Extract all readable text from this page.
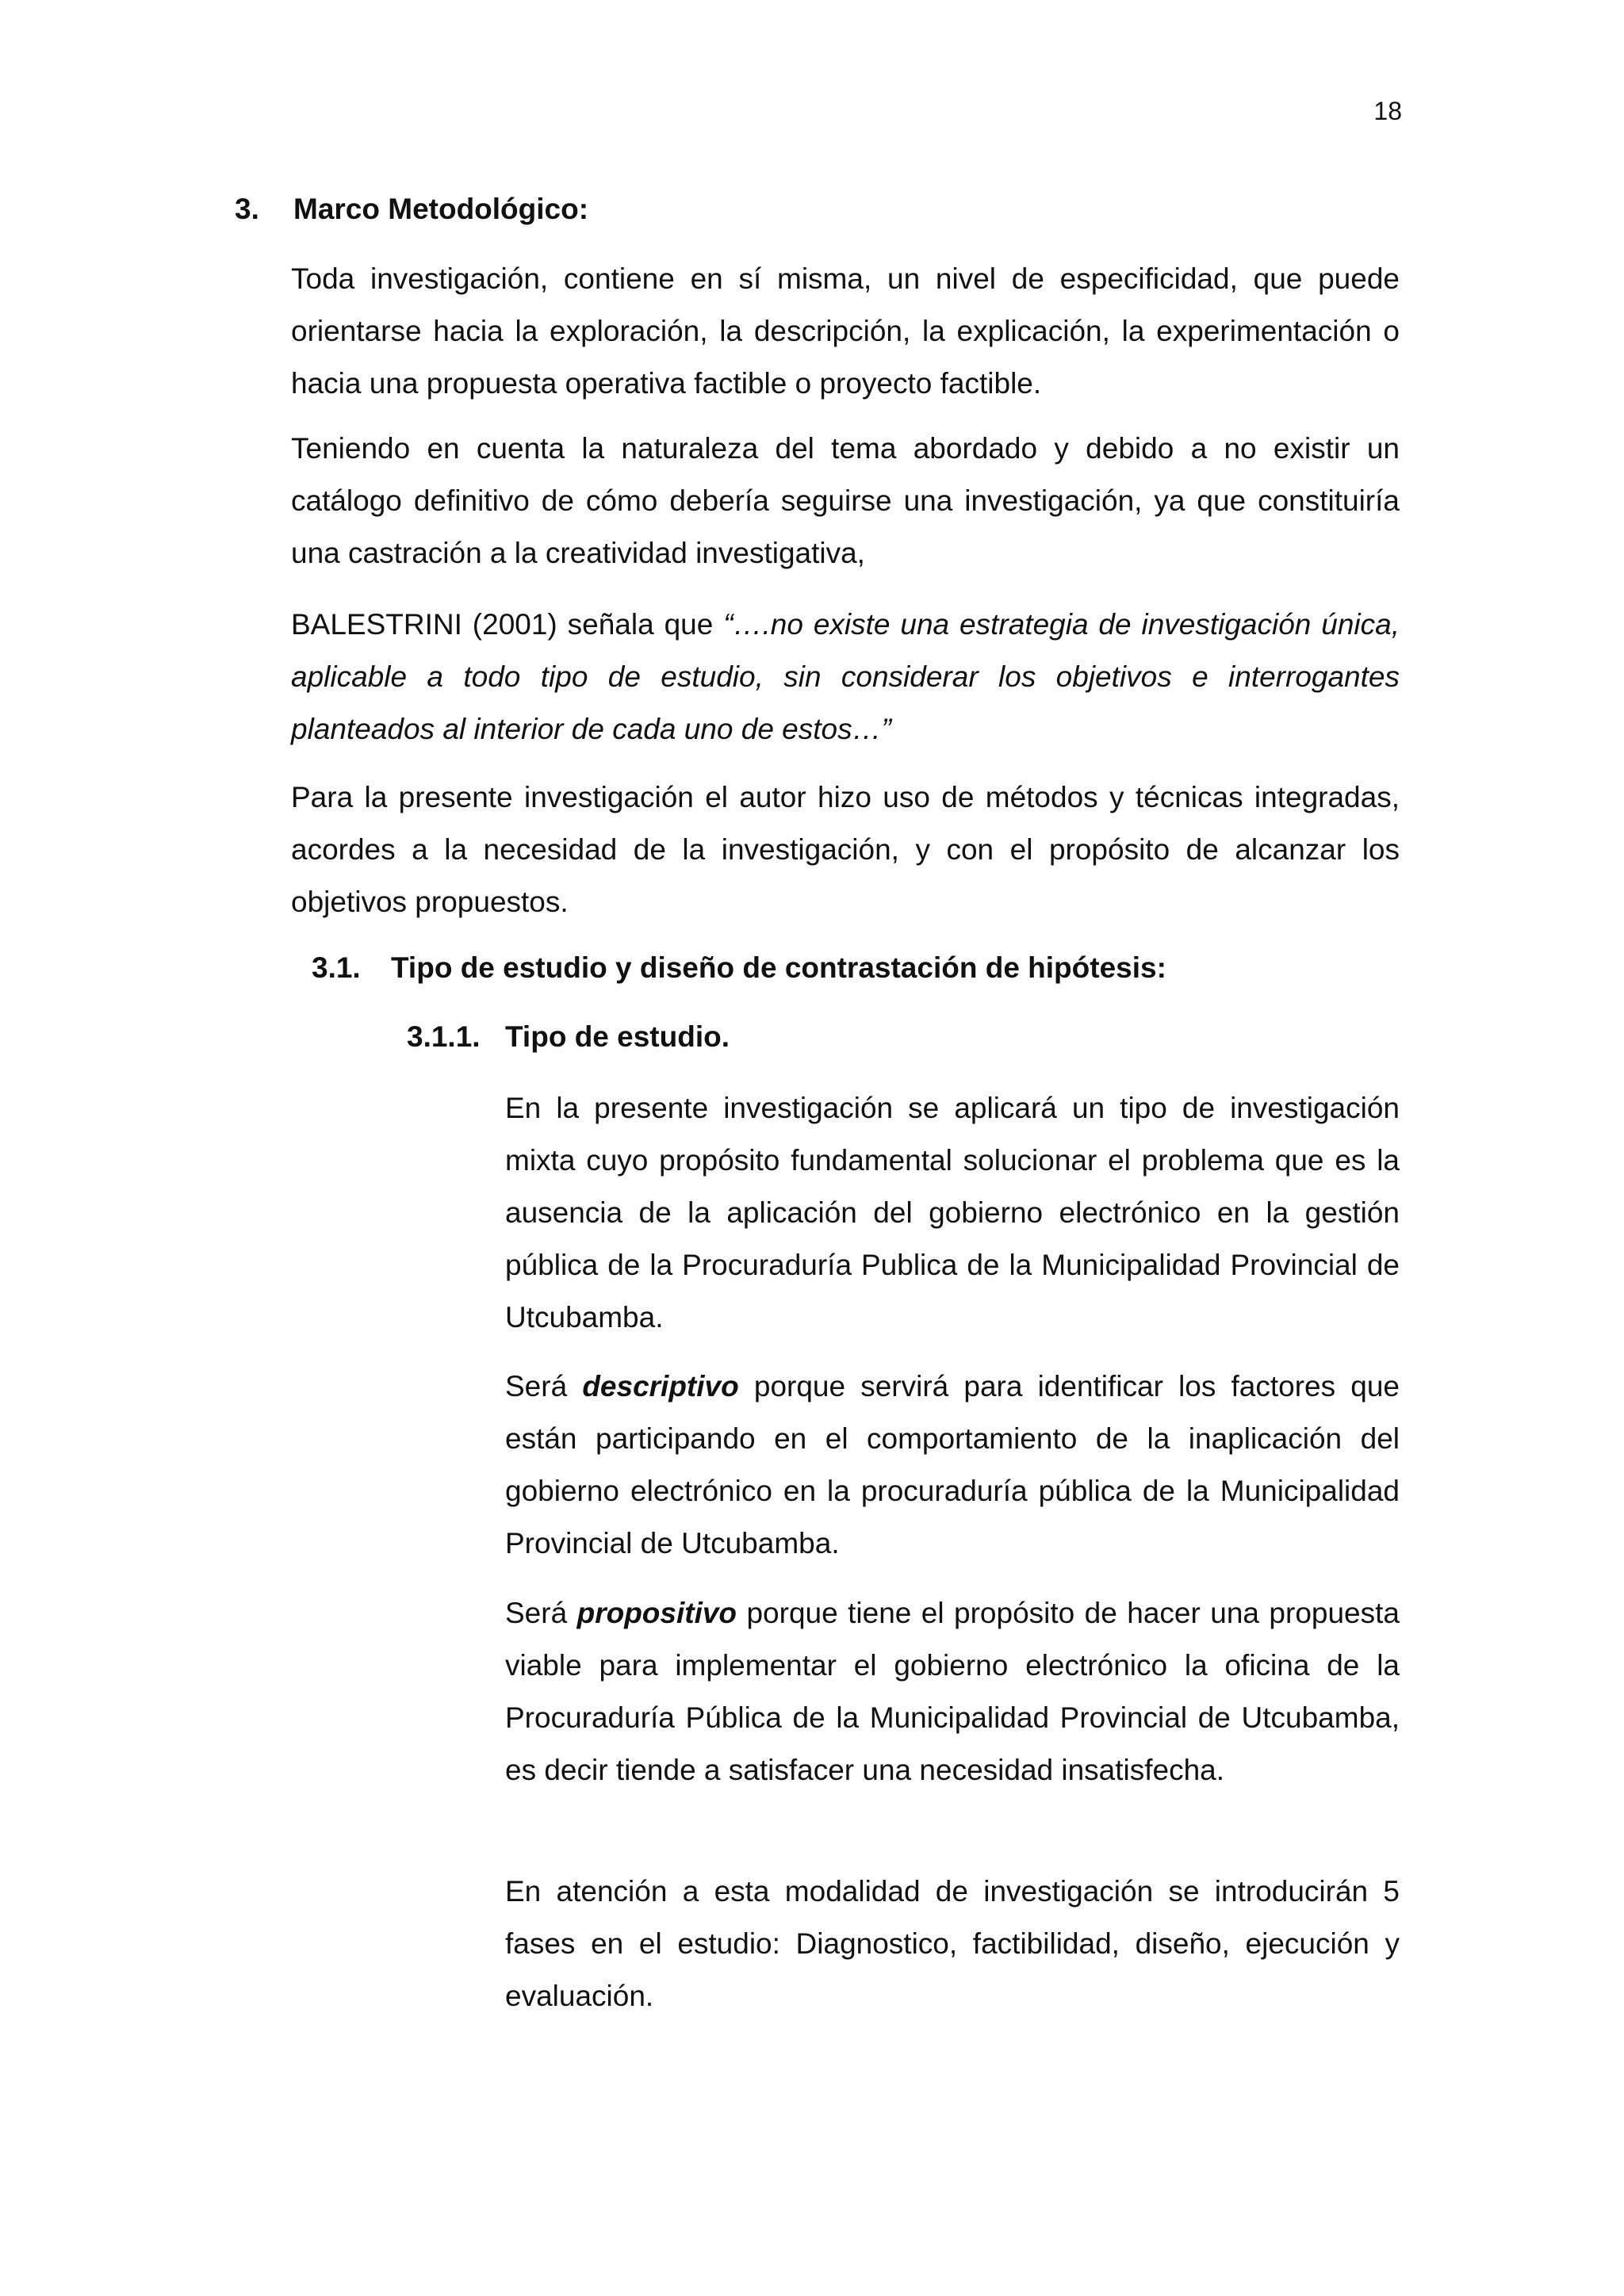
18
3.	Marco Metodológico:
Toda investigación, contiene en sí misma, un nivel de especificidad, que puede orientarse hacia la exploración, la descripción, la explicación, la experimentación o hacia una propuesta operativa factible o proyecto factible.
Teniendo en cuenta la naturaleza del tema abordado y debido a no existir un catálogo definitivo de cómo debería seguirse una investigación, ya que constituiría una castración a la creatividad investigativa,
BALESTRINI (2001) señala que “….no existe una estrategia de investigación única, aplicable a todo tipo de estudio, sin considerar los objetivos e interrogantes planteados al interior de cada uno de estos…”
Para la presente investigación el autor hizo uso de métodos y técnicas integradas, acordes a la necesidad de la investigación, y con el propósito de alcanzar los objetivos propuestos.
3.1.	Tipo de estudio y diseño de contrastación de hipótesis:
3.1.1. Tipo de estudio.
En la presente investigación se aplicará un tipo de investigación mixta cuyo propósito fundamental solucionar el problema que es la ausencia de la aplicación del gobierno electrónico en la gestión pública de la Procuraduría Publica de la Municipalidad Provincial de Utcubamba.
Será descriptivo porque servirá para identificar los factores que están participando en el comportamiento de la inaplicación del gobierno electrónico en la procuraduría pública de la Municipalidad Provincial de Utcubamba.
Será propositivo porque tiene el propósito de hacer una propuesta viable para implementar el gobierno electrónico la oficina de la Procuraduría Pública de la Municipalidad Provincial de Utcubamba, es decir tiende a satisfacer una necesidad insatisfecha.
En atención a esta modalidad de investigación se introducirán 5 fases en el estudio: Diagnostico, factibilidad, diseño, ejecución y evaluación.
